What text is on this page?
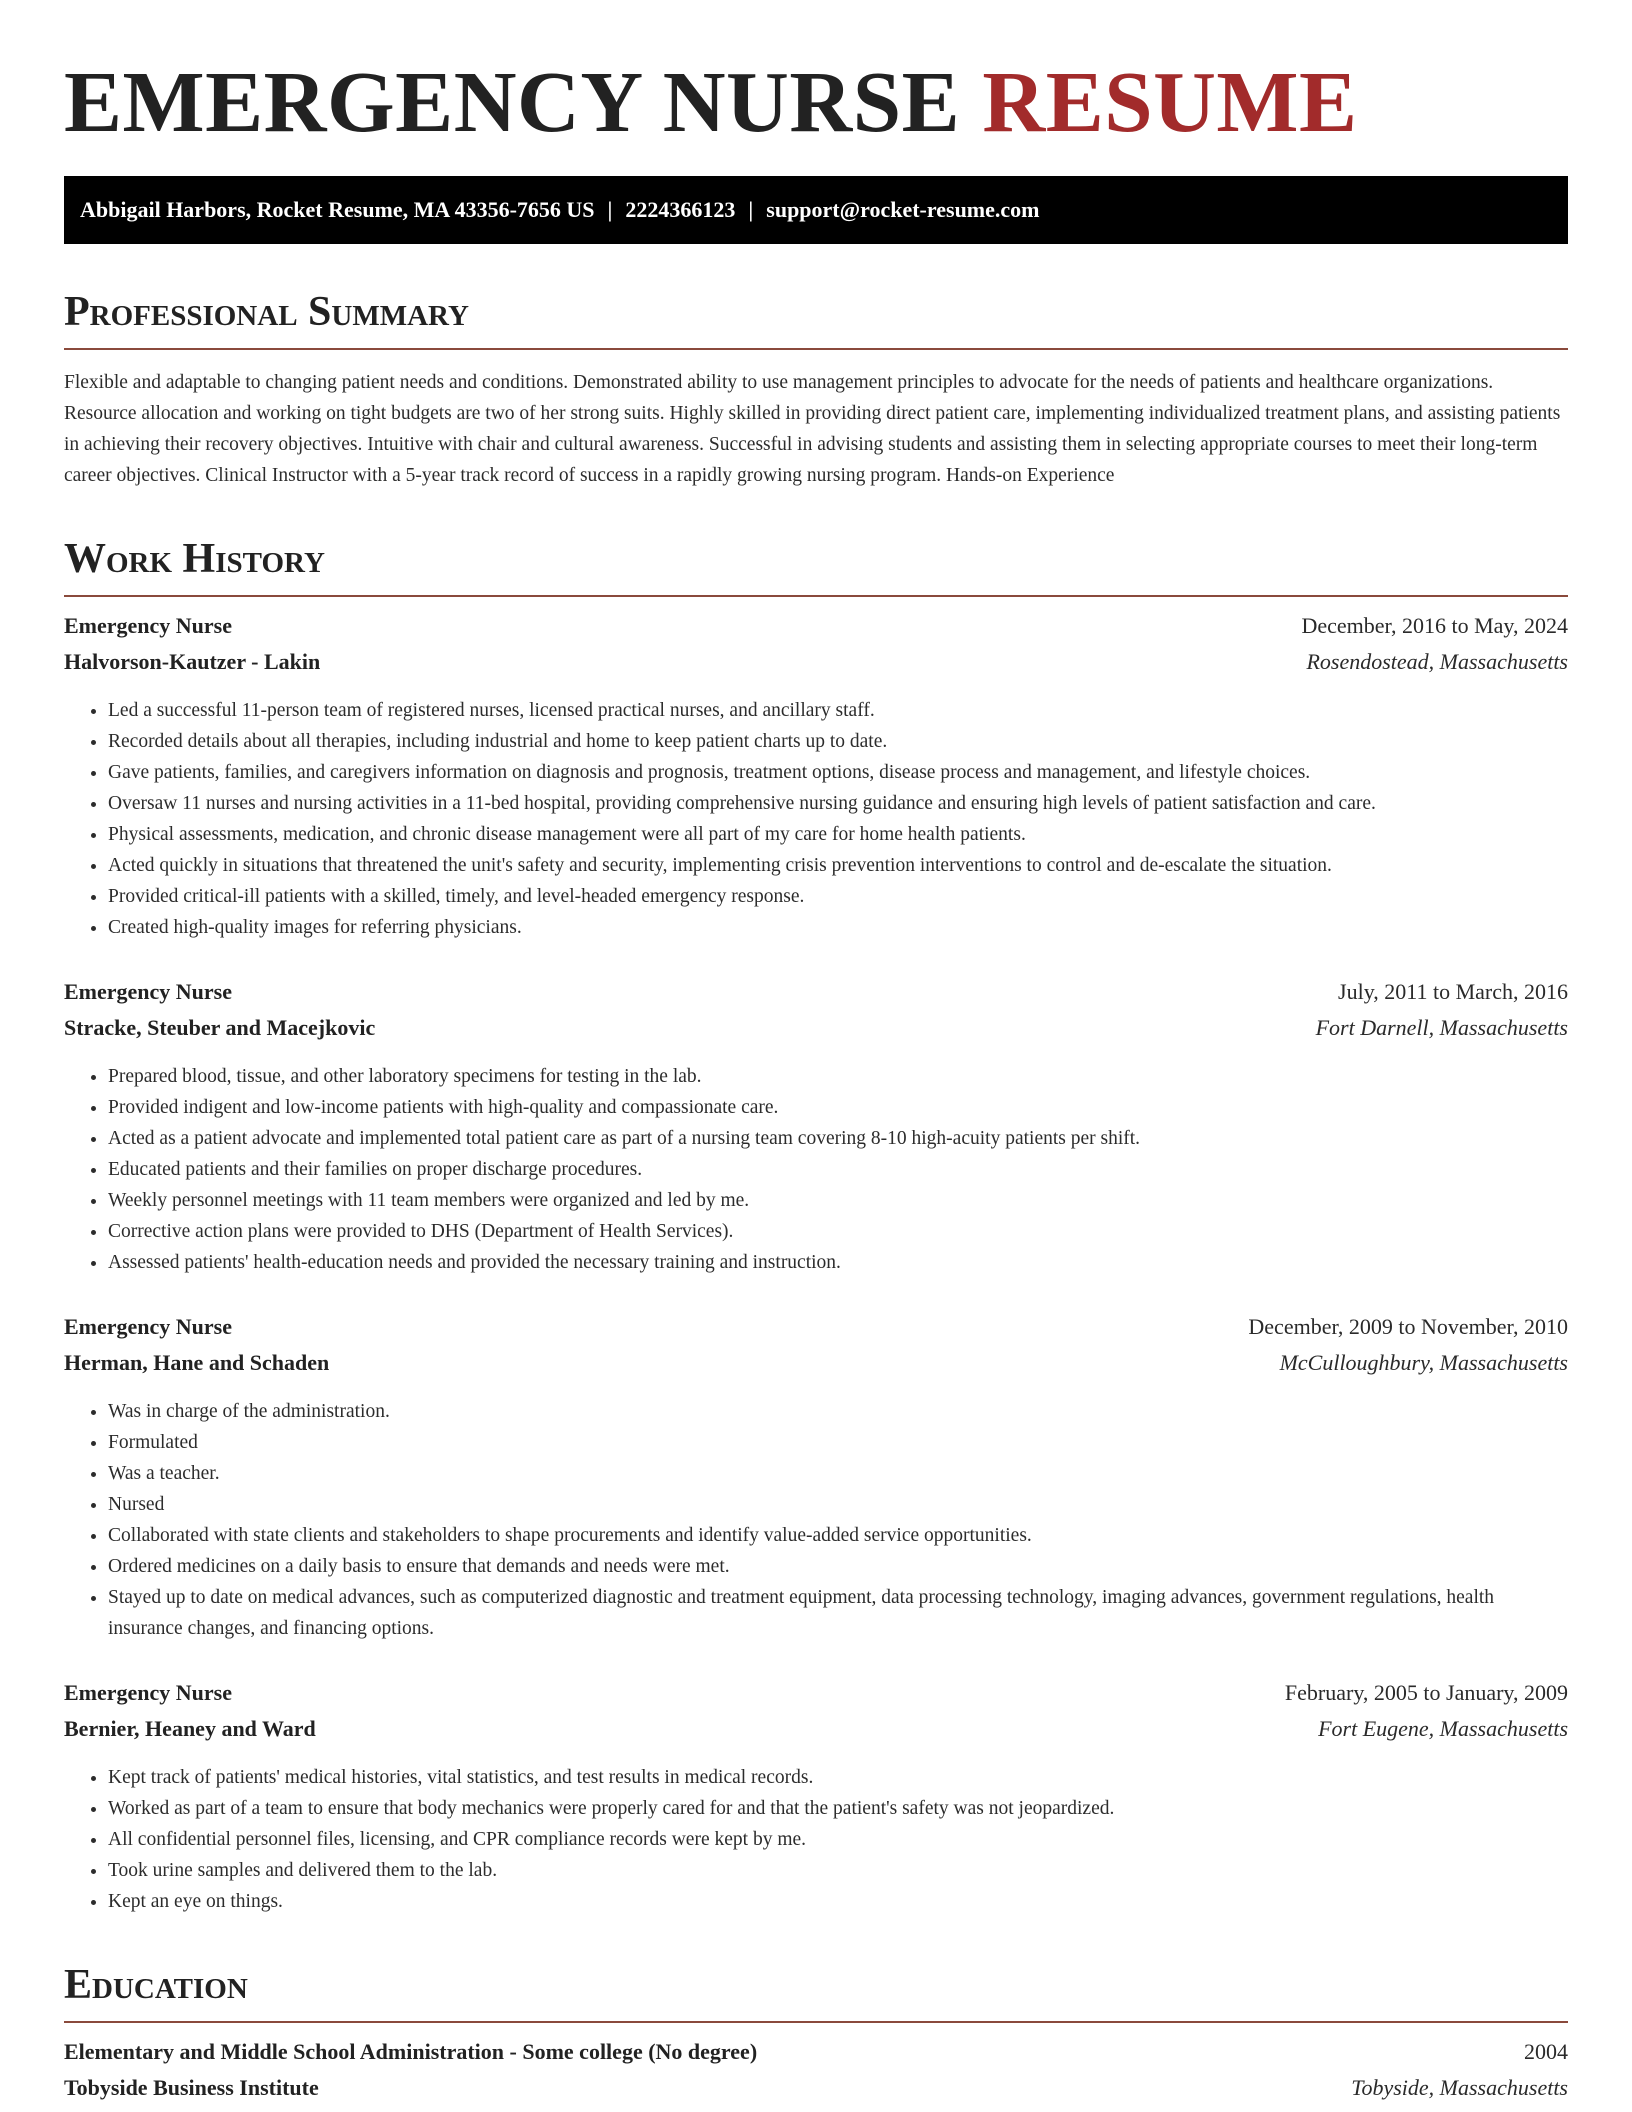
EMERGENCY NURSE RESUME
Abbigail Harbors, Rocket Resume, MA 43356-7656 US | 2224366123 | support@rocket-resume.com
Professional Summary

Flexible and adaptable to changing patient needs and conditions. Demonstrated ability to use management principles to advocate for the needs of patients and healthcare organizations. Resource allocation and working on tight budgets are two of her strong suits. Highly skilled in providing direct patient care, implementing individualized treatment plans, and assisting patients in achieving their recovery objectives. Intuitive with chair and cultural awareness. Successful in advising students and assisting them in selecting appropriate courses to meet their long-term career objectives. Clinical Instructor with a 5-year track record of success in a rapidly growing nursing program. Hands-on Experience

Work History
Emergency Nurse	December, 2016 to May, 2024
Halvorson-Kautzer - Lakin	Rosendostead, Massachusetts
• Led a successful 11-person team of registered nurses, licensed practical nurses, and ancillary staff.
• Recorded details about all therapies, including industrial and home to keep patient charts up to date.
• Gave patients, families, and caregivers information on diagnosis and prognosis, treatment options, disease process and management, and lifestyle choices.
• Oversaw 11 nurses and nursing activities in a 11-bed hospital, providing comprehensive nursing guidance and ensuring high levels of patient satisfaction and care.
• Physical assessments, medication, and chronic disease management were all part of my care for home health patients.
• Acted quickly in situations that threatened the unit's safety and security, implementing crisis prevention interventions to control and de-escalate the situation.
• Provided critical-ill patients with a skilled, timely, and level-headed emergency response.
• Created high-quality images for referring physicians.
Emergency Nurse	July, 2011 to March, 2016
Stracke, Steuber and Macejkovic	Fort Darnell, Massachusetts
• Prepared blood, tissue, and other laboratory specimens for testing in the lab.
• Provided indigent and low-income patients with high-quality and compassionate care.
• Acted as a patient advocate and implemented total patient care as part of a nursing team covering 8-10 high-acuity patients per shift.
• Educated patients and their families on proper discharge procedures.
• Weekly personnel meetings with 11 team members were organized and led by me.
• Corrective action plans were provided to DHS (Department of Health Services).
• Assessed patients' health-education needs and provided the necessary training and instruction.
Emergency Nurse	December, 2009 to November, 2010
Herman, Hane and Schaden	McCulloughbury, Massachusetts
• Was in charge of the administration.
• Formulated
• Was a teacher.
• Nursed
• Collaborated with state clients and stakeholders to shape procurements and identify value-added service opportunities.
• Ordered medicines on a daily basis to ensure that demands and needs were met.
• Stayed up to date on medical advances, such as computerized diagnostic and treatment equipment, data processing technology, imaging advances, government regulations, health insurance changes, and financing options.
Emergency Nurse	February, 2005 to January, 2009
Bernier, Heaney and Ward	Fort Eugene, Massachusetts
• Kept track of patients' medical histories, vital statistics, and test results in medical records.
• Worked as part of a team to ensure that body mechanics were properly cared for and that the patient's safety was not jeopardized.
• All confidential personnel files, licensing, and CPR compliance records were kept by me.
• Took urine samples and delivered them to the lab.
• Kept an eye on things.
Education
Elementary and Middle School Administration - Some college (No degree)	2004
Tobyside Business Institute	Tobyside, Massachusetts
